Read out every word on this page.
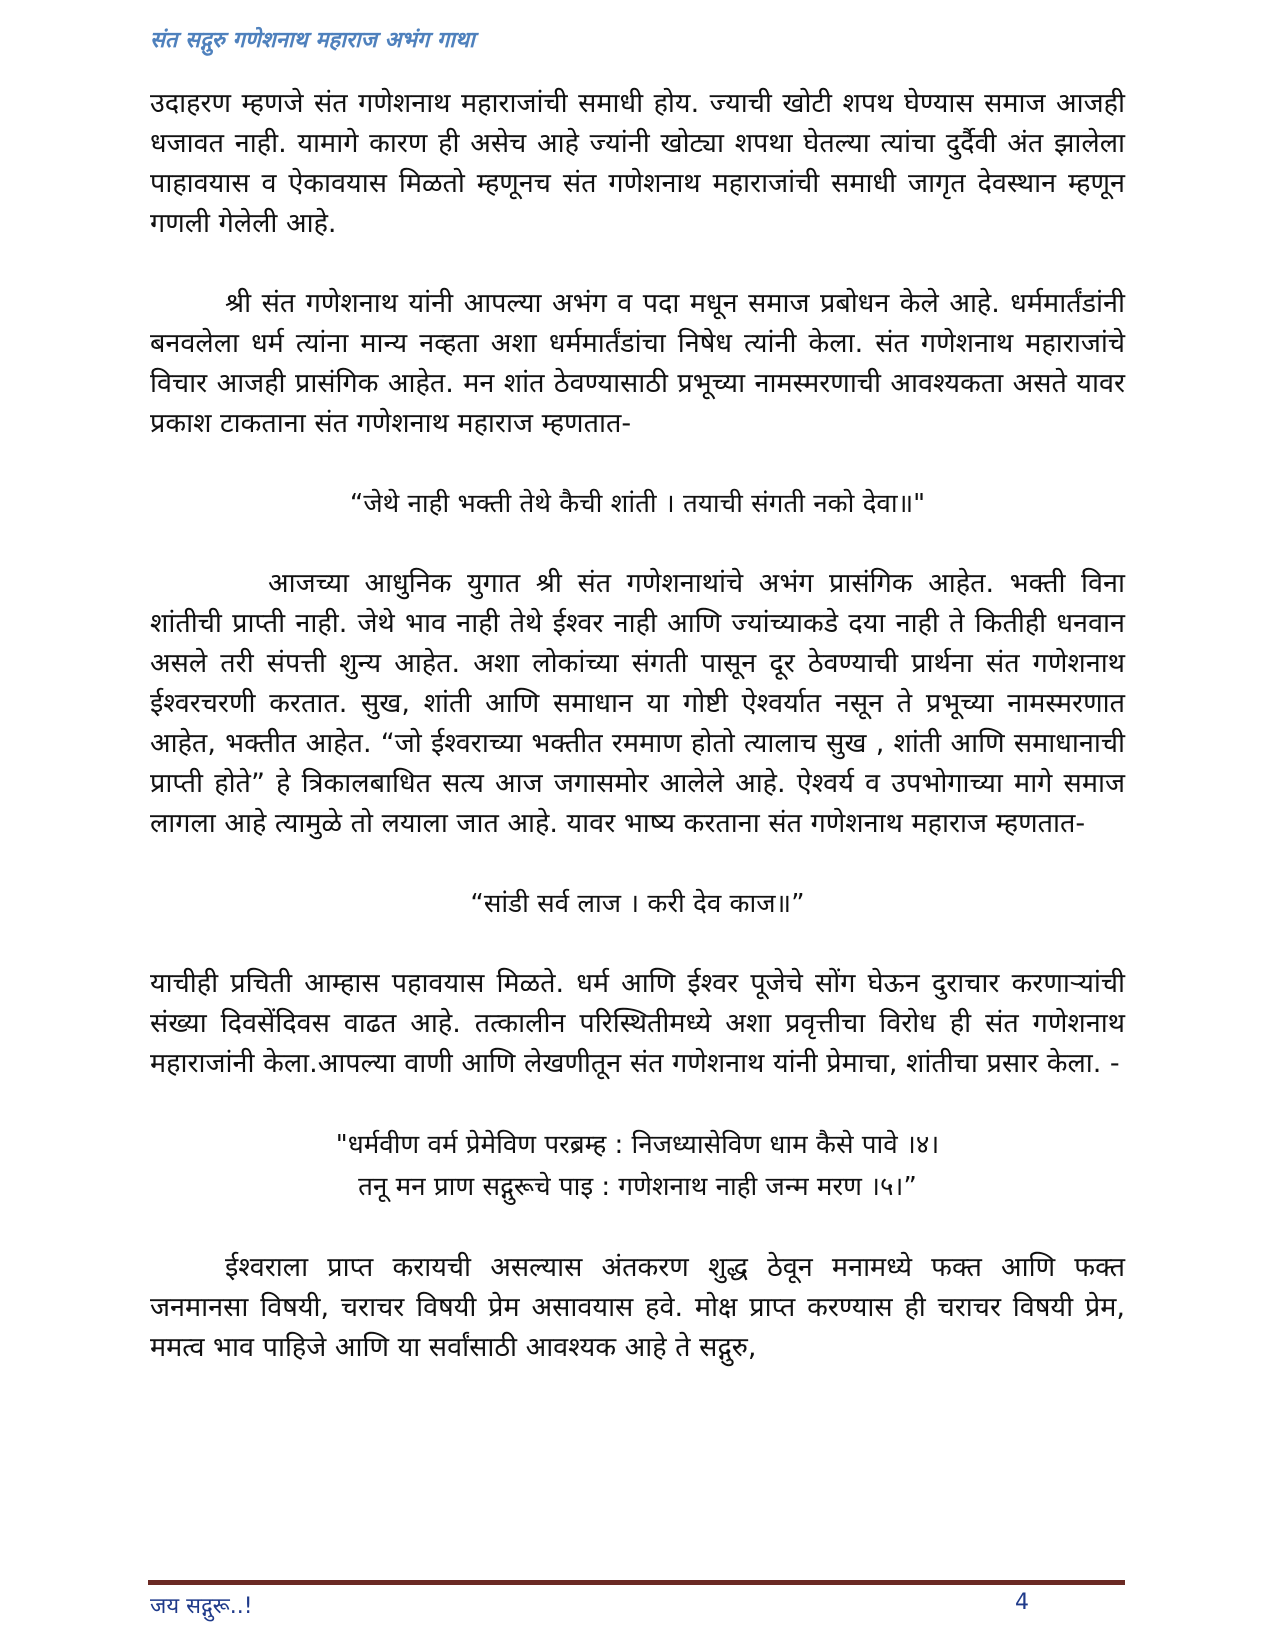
संत सद्गुरु गणेशनाथ महाराज अभंग गाथा

उदाहरण म्हणजे संत गणेशनाथ महाराजांची समाधी होय. ज्याची खोटी शपथ घेण्यास समाज आजही धजावत नाही. यामागे कारण ही असेच आहे ज्यांनी खोट्या शपथा घेतल्या त्यांचा दुर्दैवी अंत झालेला पाहावयास व ऐकावयास मिळतो म्हणूनच संत गणेशनाथ महाराजांची समाधी जागृत देवस्थान म्हणून गणली गेलेली आहे.

श्री संत गणेशनाथ यांनी आपल्या अभंग व पदा मधून समाज प्रबोधन केले आहे. धर्ममार्तंडांनी बनवलेला धर्म त्यांना मान्य नव्हता अशा धर्ममार्तंडांचा निषेध त्यांनी केला. संत गणेशनाथ महाराजांचे विचार आजही प्रासंगिक आहेत. मन शांत ठेवण्यासाठी प्रभूच्या नामस्मरणाची आवश्यकता असते यावर प्रकाश टाकताना संत गणेशनाथ महाराज म्हणतात-

“जेथे नाही भक्ती तेथे कैची शांती । तयाची संगती नको देवा॥"

आजच्या आधुनिक युगात श्री संत गणेशनाथांचे अभंग प्रासंगिक आहेत. भक्ती विना शांतीची प्राप्ती नाही. जेथे भाव नाही तेथे ईश्वर नाही आणि ज्यांच्याकडे दया नाही ते कितीही धनवान असले तरी संपत्ती शुन्य आहेत. अशा लोकांच्या संगती पासून दूर ठेवण्याची प्रार्थना संत गणेशनाथ ईश्वरचरणी करतात. सुख, शांती आणि समाधान या गोष्टी ऐश्वर्यात नसून ते प्रभूच्या नामस्मरणात आहेत, भक्तीत आहेत. “जो ईश्वराच्या भक्तीत रममाण होतो त्यालाच सुख , शांती आणि समाधानाची प्राप्ती होते” हे त्रिकालबाधित सत्य आज जगासमोर आलेले आहे. ऐश्वर्य व उपभोगाच्या मागे समाज लागला आहे त्यामुळे तो लयाला जात आहे. यावर भाष्य करताना संत गणेशनाथ महाराज म्हणतात-

“सांडी सर्व लाज । करी देव काज॥”

याचीही प्रचिती आम्हास पहावयास मिळते. धर्म आणि ईश्वर पूजेचे सोंग घेऊन दुराचार करणाऱ्यांची संख्या दिवसेंदिवस वाढत आहे. तत्कालीन परिस्थितीमध्ये अशा प्रवृत्तीचा विरोध ही संत गणेशनाथ महाराजांनी केला.आपल्या वाणी आणि लेखणीतून संत गणेशनाथ यांनी प्रेमाचा, शांतीचा प्रसार केला. -

"धर्मवीण वर्म प्रेमेविण परब्रम्ह : निजध्यासेविण धाम कैसे पावे ।४।
तनू मन प्राण सद्गुरूचे पाइ : गणेशनाथ नाही जन्म मरण ।५।”

ईश्वराला प्राप्त करायची असल्यास अंतकरण शुद्ध ठेवून मनामध्ये फक्त आणि फक्त जनमानसा विषयी, चराचर विषयी प्रेम असावयास हवे. मोक्ष प्राप्त करण्यास ही चराचर विषयी प्रेम, ममत्व भाव पाहिजे आणि या सर्वांसाठी आवश्यक आहे ते सद्गुरु,

जय सद्गुरू..!	4
